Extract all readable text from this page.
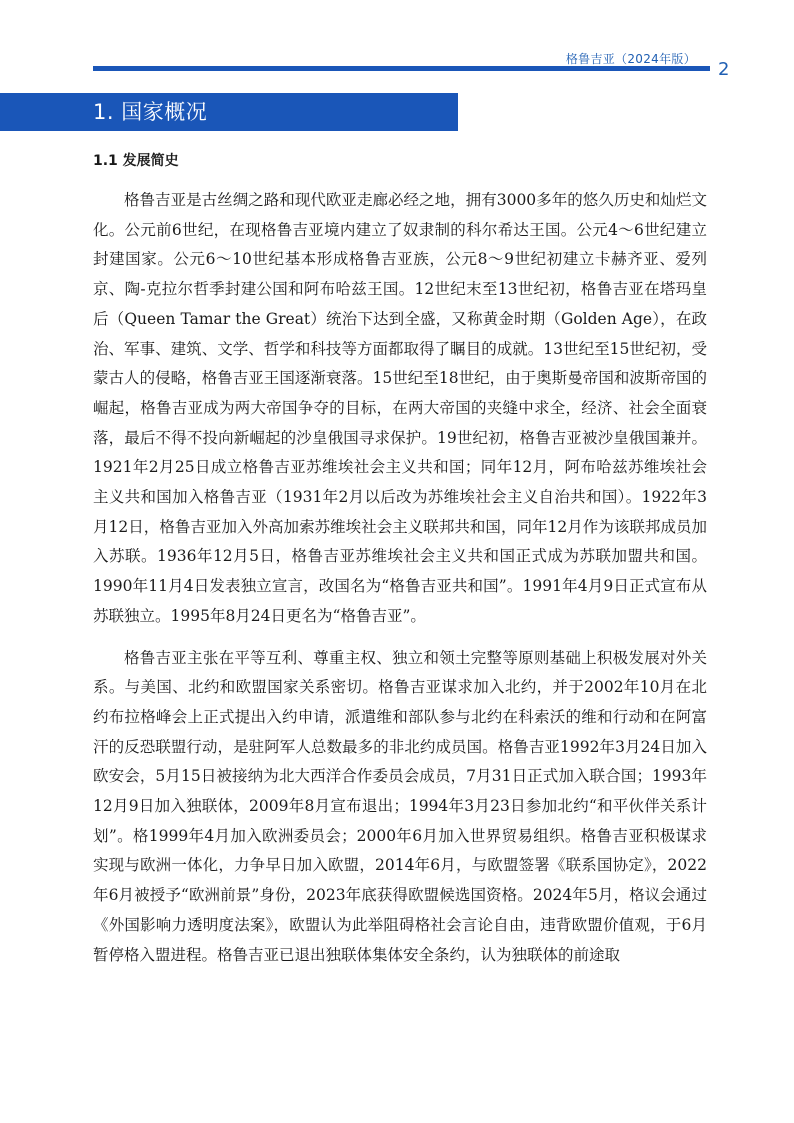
格鲁吉亚（2024年版） 2
1. 国家概况
1.1 发展简史

格鲁吉亚是古丝绸之路和现代欧亚走廊必经之地，拥有3000多年的悠久历史和灿烂文化。公元前6世纪，在现格鲁吉亚境内建立了奴隶制的科尔希达王国。公元4～6世纪建立封建国家。公元6～10世纪基本形成格鲁吉亚族，公元8～9世纪初建立卡赫齐亚、爱列京、陶-克拉尔哲季封建公国和阿布哈兹王国。12世纪末至13世纪初，格鲁吉亚在塔玛皇后（Queen Tamar the Great）统治下达到全盛，又称黄金时期（Golden Age），在政治、军事、建筑、文学、哲学和科技等方面都取得了瞩目的成就。13世纪至15世纪初，受蒙古人的侵略，格鲁吉亚王国逐渐衰落。15世纪至18世纪，由于奥斯曼帝国和波斯帝国的崛起，格鲁吉亚成为两大帝国争夺的目标，在两大帝国的夹缝中求全，经济、社会全面衰落，最后不得不投向新崛起的沙皇俄国寻求保护。19世纪初，格鲁吉亚被沙皇俄国兼并。1921年2月25日成立格鲁吉亚苏维埃社会主义共和国；同年12月，阿布哈兹苏维埃社会主义共和国加入格鲁吉亚（1931年2月以后改为苏维埃社会主义自治共和国）。1922年3月12日，格鲁吉亚加入外高加索苏维埃社会主义联邦共和国，同年12月作为该联邦成员加入苏联。1936年12月5日，格鲁吉亚苏维埃社会主义共和国正式成为苏联加盟共和国。1990年11月4日发表独立宣言，改国名为“格鲁吉亚共和国”。1991年4月9日正式宣布从苏联独立。1995年8月24日更名为“格鲁吉亚”。

格鲁吉亚主张在平等互利、尊重主权、独立和领土完整等原则基础上积极发展对外关系。与美国、北约和欧盟国家关系密切。格鲁吉亚谋求加入北约，并于2002年10月在北约布拉格峰会上正式提出入约申请，派遣维和部队参与北约在科索沃的维和行动和在阿富汗的反恐联盟行动，是驻阿军人总数最多的非北约成员国。格鲁吉亚1992年3月24日加入欧安会，5月15日被接纳为北大西洋合作委员会成员，7月31日正式加入联合国；1993年12月9日加入独联体，2009年8月宣布退出；1994年3月23日参加北约“和平伙伴关系计划”。格1999年4月加入欧洲委员会；2000年6月加入世界贸易组织。格鲁吉亚积极谋求实现与欧洲一体化，力争早日加入欧盟，2014年6月，与欧盟签署《联系国协定》，2022年6月被授予“欧洲前景”身份，2023年底获得欧盟候选国资格。2024年5月，格议会通过《外国影响力透明度法案》，欧盟认为此举阻碍格社会言论自由，违背欧盟价值观，于6月暂停格入盟进程。格鲁吉亚已退出独联体集体安全条约，认为独联体的前途取
